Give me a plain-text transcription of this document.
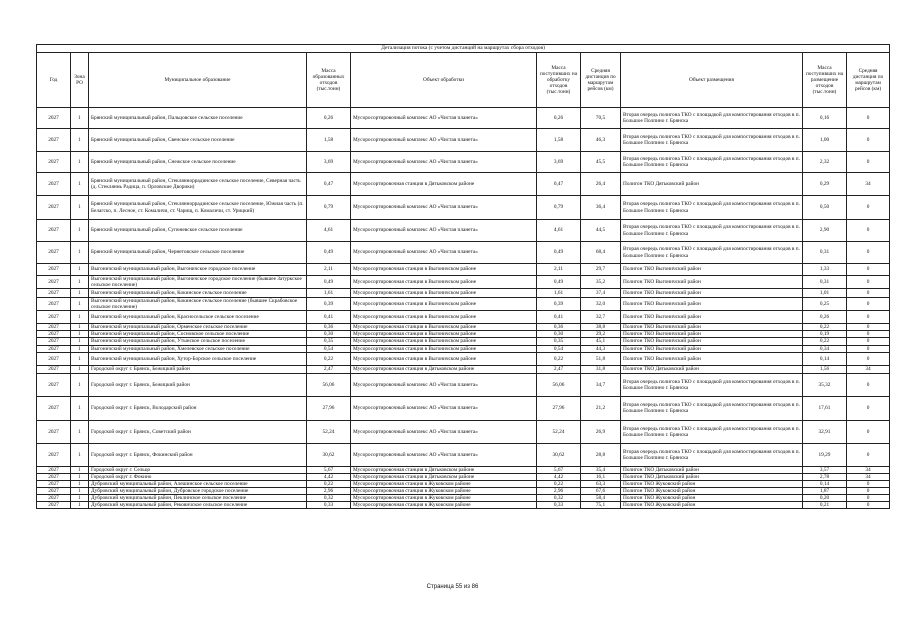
Детализация потока (с учетом дистанций на маршрутах сбора отходов)									
Год	Зона РО	Муниципальное образование	Масса образованных отходов (тыс.тонн)	Объект обработки	Масса поступивших на обработку отходов (тыс.тонн)	Средняя дистанция по маршрутам рейсов (км)	Объект размещения	Масса поступивших на размещение отходов (тыс.тонн)	Средняя дистанция по маршрутам рейсов (км)
2027	1	Брянский муниципальный район, Пальцовское сельское поселение	0,26	Мусоросортировочный комплекс АО «Чистая планета»	0,26	70,5	Вторая очередь полигона ТКО с площадкой для компостирования отходов в п. Большое Полпино г. Брянска	0,16	0
2027	1	Брянский муниципальный район, Свенское сельское поселение	1,58	Мусоросортировочный комплекс АО «Чистая планета»	1,58	46,3	Вторая очередь полигона ТКО с площадкой для компостирования отходов в п. Большое Полпино г. Брянска	1,00	0
2027	1	Брянский муниципальный район, Снежское сельское поселение	3,69	Мусоросортировочный комплекс АО «Чистая планета»	3,69	45,5	Вторая очередь полигона ТКО с площадкой для компостирования отходов в п. Большое Полпино г. Брянска	2,32	0
2027	1	Брянский муниципальный район, Стеклянноррадинское сельское поселение, Северная часть (д. Стекляннь Радица, п. Орловские Дворики)	0,47	Мусоросортировочная станция в Дятьковском районе	0,47	26,4	Полигон ТКО Дятьковский район	0,29	34
2027	1	Брянский муниципальный район, Стеклянноррадинское сельское поселение, Южная часть (п. Белагско, п. Лесное, ст. Комаличи, ст. Чарищ, п. Комаличи, ст. Урицкий)	0,79	Мусоросортировочный комплекс АО «Чистая планета»	0,79	36,4	Вторая очередь полигона ТКО с площадкой для компостирования отходов в п. Большое Полпино г. Брянска	0,50	0
2027	1	Брянский муниципальный район, Супоневское сельское поселение	4,61	Мусоросортировочный комплекс АО «Чистая планета»	4,61	44,5	Вторая очередь полигона ТКО с площадкой для компостирования отходов в п. Большое Полпино г. Брянска	2,90	0
2027	1	Брянский муниципальный район, Чернетовское сельское поселение	0,49	Мусоросортировочный комплекс АО «Чистая планета»	0,49	68,4	Вторая очередь полигона ТКО с площадкой для компостирования отходов в п. Большое Полпино г. Брянска	0,31	0
2027	1	Выгоничский муниципальный район, Выгоничское городское поселение	2,11	Мусоросортировочная станция в Выгоничском районе	2,11	29,7	Полигон ТКО Выгоничский район	1,33	0
2027	1	Выгоничский муниципальный район, Выгоничское городское поселение (бывшее Затуркское сельское поселение)	0,49	Мусоросортировочная станция в Выгоничском районе	0,49	35,2	Полигон ТКО Выгоничский район	0,31	0
2027	1	Выгоничский муниципальный район, Кокинское сельское поселение	1,61	Мусоросортировочная станция в Выгоничском районе	1,61	37,4	Полигон ТКО Выгоничский район	1,01	0
2027	1	Выгоничский муниципальный район, Кокинское сельское поселение (бывшее Скрабовское сельское поселение)	0,39	Мусоросортировочная станция в Выгоничском районе	0,39	32,0	Полигон ТКО Выгоничский район	0,25	0
2027	1	Выгоничский муниципальный район, Красносельское сельское поселение	0,41	Мусоросортировочная станция в Выгоничском районе	0,41	32,7	Полигон ТКО Выгоничский район	0,26	0
2027	1	Выгоничский муниципальный район, Орменское сельское поселение	0,36	Мусоросортировочная станция в Выгоничском районе	0,36	38,8	Полигон ТКО Выгоничский район	0,22	0
2027	1	Выгоничский муниципальный район, Сосновское сельское поселение	0,30	Мусоросортировочная станция в Выгоничском районе	0,30	29,2	Полигон ТКО Выгоничский район	0,19	0
2027	1	Выгоничский муниципальный район, Утынское сельское поселение	0,35	Мусоросортировочная станция в Выгоничском районе	0,35	45,1	Полигон ТКО Выгоничский район	0,22	0
2027	1	Выгоничский муниципальный район, Хмелевское сельское поселение	0,54	Мусоросортировочная станция в Выгоничском районе	0,54	44,3	Полигон ТКО Выгоничский район	0,34	0
2027	1	Выгоничский муниципальный район, Хутор-Борское сельское поселение	0,22	Мусоросортировочная станция в Выгоничском районе	0,22	51,8	Полигон ТКО Выгоничский район	0,14	0
2027	1	Городской округ г. Брянск, Бежицкий район	2,47	Мусоросортировочная станция в Дятьковском районе	2,47	31,8	Полигон ТКО Дятьковский район	1,56	34
2027	1	Городской округ г. Брянск, Бежицкий район	56,06	Мусоросортировочный комплекс АО «Чистая планета»	56,06	34,7	Вторая очередь полигона ТКО с площадкой для компостирования отходов в п. Большое Полпино г. Брянска	35,32	0
2027	1	Городской округ г. Брянск, Володарский район	27,96	Мусоросортировочный комплекс АО «Чистая планета»	27,96	21,2	Вторая очередь полигона ТКО с площадкой для компостирования отходов в п. Большое Полпино г. Брянска	17,61	0
2027	1	Городской округ г. Брянск, Советский район	52,24	Мусоросортировочный комплекс АО «Чистая планета»	52,24	26,9	Вторая очередь полигона ТКО с площадкой для компостирования отходов в п. Большое Полпино г. Брянска	32,91	0
2027	1	Городской округ г. Брянск, Фокинский район	30,62	Мусоросортировочный комплекс АО «Чистая планета»	30,62	28,8	Вторая очередь полигона ТКО с площадкой для компостирования отходов в п. Большое Полпино г. Брянска	19,29	0
2027	1	Городской округ г. Сельцо	5,67	Мусоросортировочная станция в Дятьковском районе	5,67	35,4	Полигон ТКО Дятьковский район	3,57	34
2027	1	Городской округ г. Фокино	4,42	Мусоросортировочная станция в Дятьковском районе	4,42	16,1	Полигон ТКО Дятьковский район	2,78	34
2027	1	Дубровский муниципальный район, Алешинское сельское поселение	0,22	Мусоросортировочная станция в Жуковском районе	0,22	63,3	Полигон ТКО Жуковский район	0,14	0
2027	1	Дубровский муниципальный район, Дубровское городское поселение	2,96	Мусоросортировочная станция в Жуковском районе	2,96	67,6	Полигон ТКО Жуковский район	1,87	0
2027	1	Дубровский муниципальный район, Пеклинское сельское поселение	0,32	Мусоросортировочная станция в Жуковском районе	0,32	58,4	Полигон ТКО Жуковский район	0,20	0
2027	1	Дубровский муниципальный район, Рековичское сельское поселение	0,33	Мусоросортировочная станция в Жуковском районе	0,33	75,1	Полигон ТКО Жуковский район	0,21	0
Страница 55 из 86
